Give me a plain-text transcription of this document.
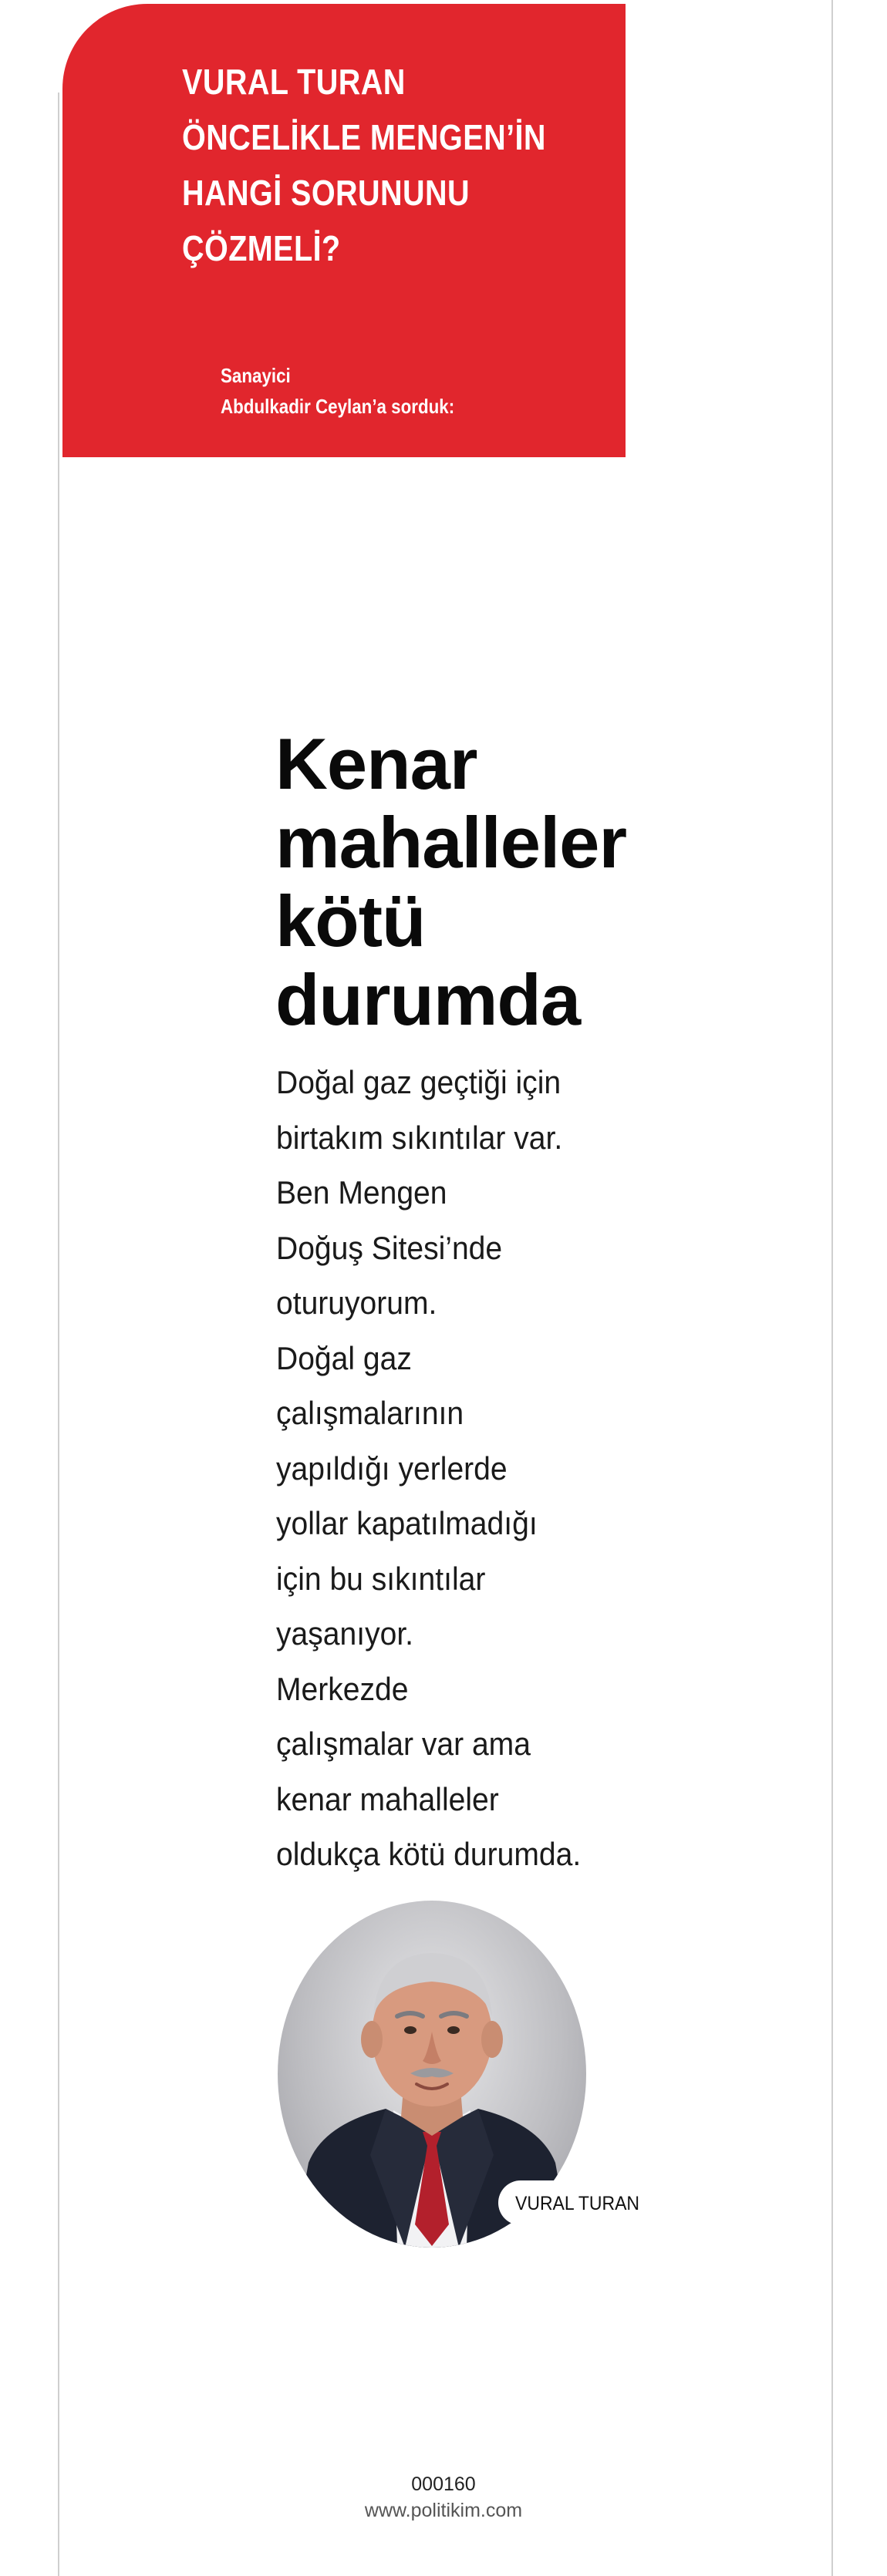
VURAL TURAN
ÖNCELİKLE MENGEN’İN
HANGİ SORUNUNU
ÇÖZMELİ?
Sanayici
Abdulkadir Ceylan’a sorduk:
Kenar
mahalleler
kötü
durumda
Doğal gaz geçtiği için
birtakım sıkıntılar var.
Ben Mengen
Doğuş Sitesi’nde
oturuyorum.
Doğal gaz
çalışmalarının
yapıldığı yerlerde
yollar kapatılmadığı
için bu sıkıntılar
yaşanıyor.
Merkezde
çalışmalar var ama
kenar mahalleler
oldukça kötü durumda.
VURAL TURAN
000160
www.politikim.com
